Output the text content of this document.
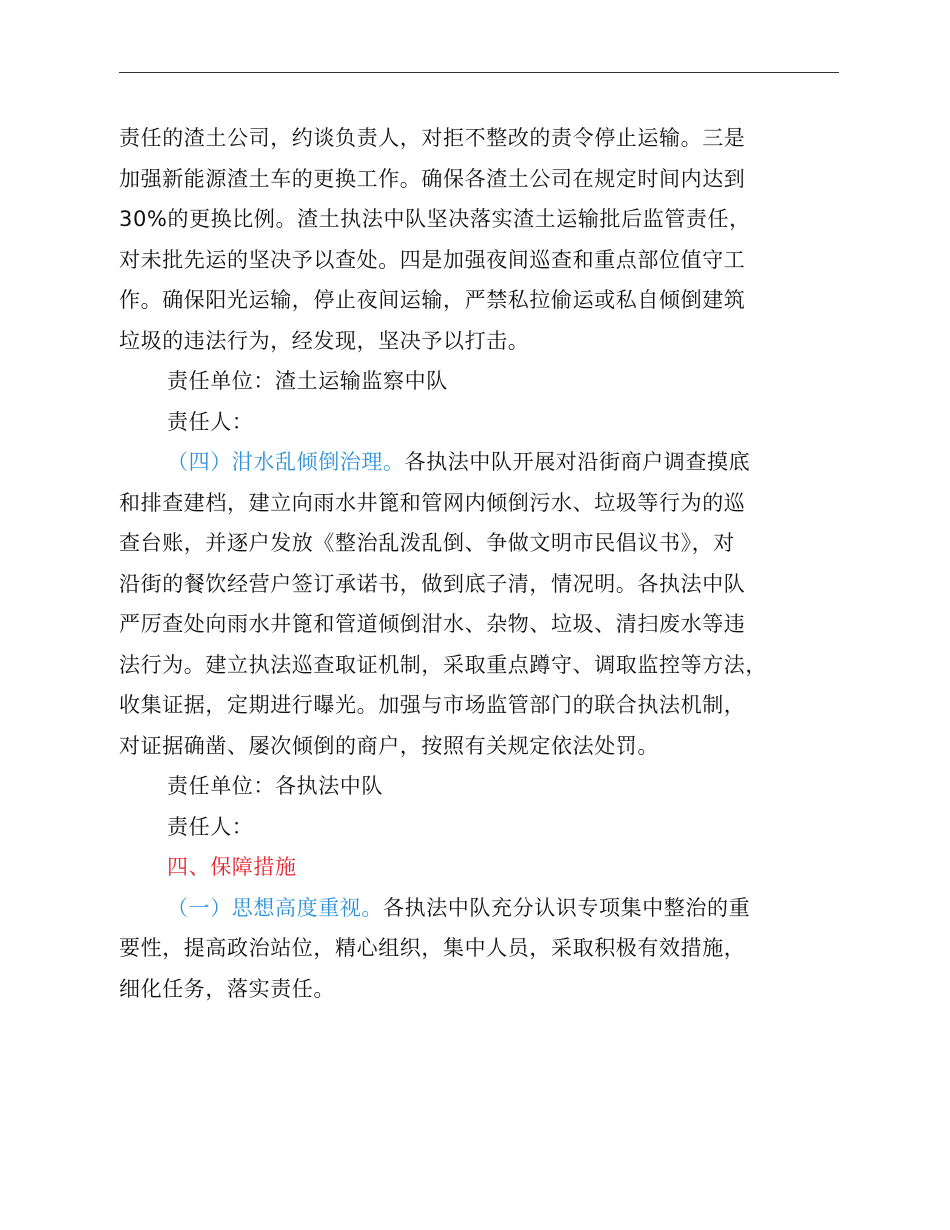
责任的渣土公司，约谈负责人，对拒不整改的责令停止运输。三是
加强新能源渣土车的更换工作。确保各渣土公司在规定时间内达到
30%的更换比例。渣土执法中队坚决落实渣土运输批后监管责任，
对未批先运的坚决予以查处。四是加强夜间巡查和重点部位值守工
作。确保阳光运输，停止夜间运输，严禁私拉偷运或私自倾倒建筑
垃圾的违法行为，经发现，坚决予以打击。
责任单位：渣土运输监察中队
责任人：
（四）泔水乱倾倒治理。各执法中队开展对沿街商户调查摸底
和排查建档，建立向雨水井篦和管网内倾倒污水、垃圾等行为的巡
查台账，并逐户发放《整治乱泼乱倒、争做文明市民倡议书》，对
沿街的餐饮经营户签订承诺书，做到底子清，情况明。各执法中队
严厉查处向雨水井篦和管道倾倒泔水、杂物、垃圾、清扫废水等违
法行为。建立执法巡查取证机制，采取重点蹲守、调取监控等方法，
收集证据，定期进行曝光。加强与市场监管部门的联合执法机制，
对证据确凿、屡次倾倒的商户，按照有关规定依法处罚。
责任单位：各执法中队
责任人：
四、保障措施
（一）思想高度重视。各执法中队充分认识专项集中整治的重
要性，提高政治站位，精心组织，集中人员，采取积极有效措施，
细化任务，落实责任。
